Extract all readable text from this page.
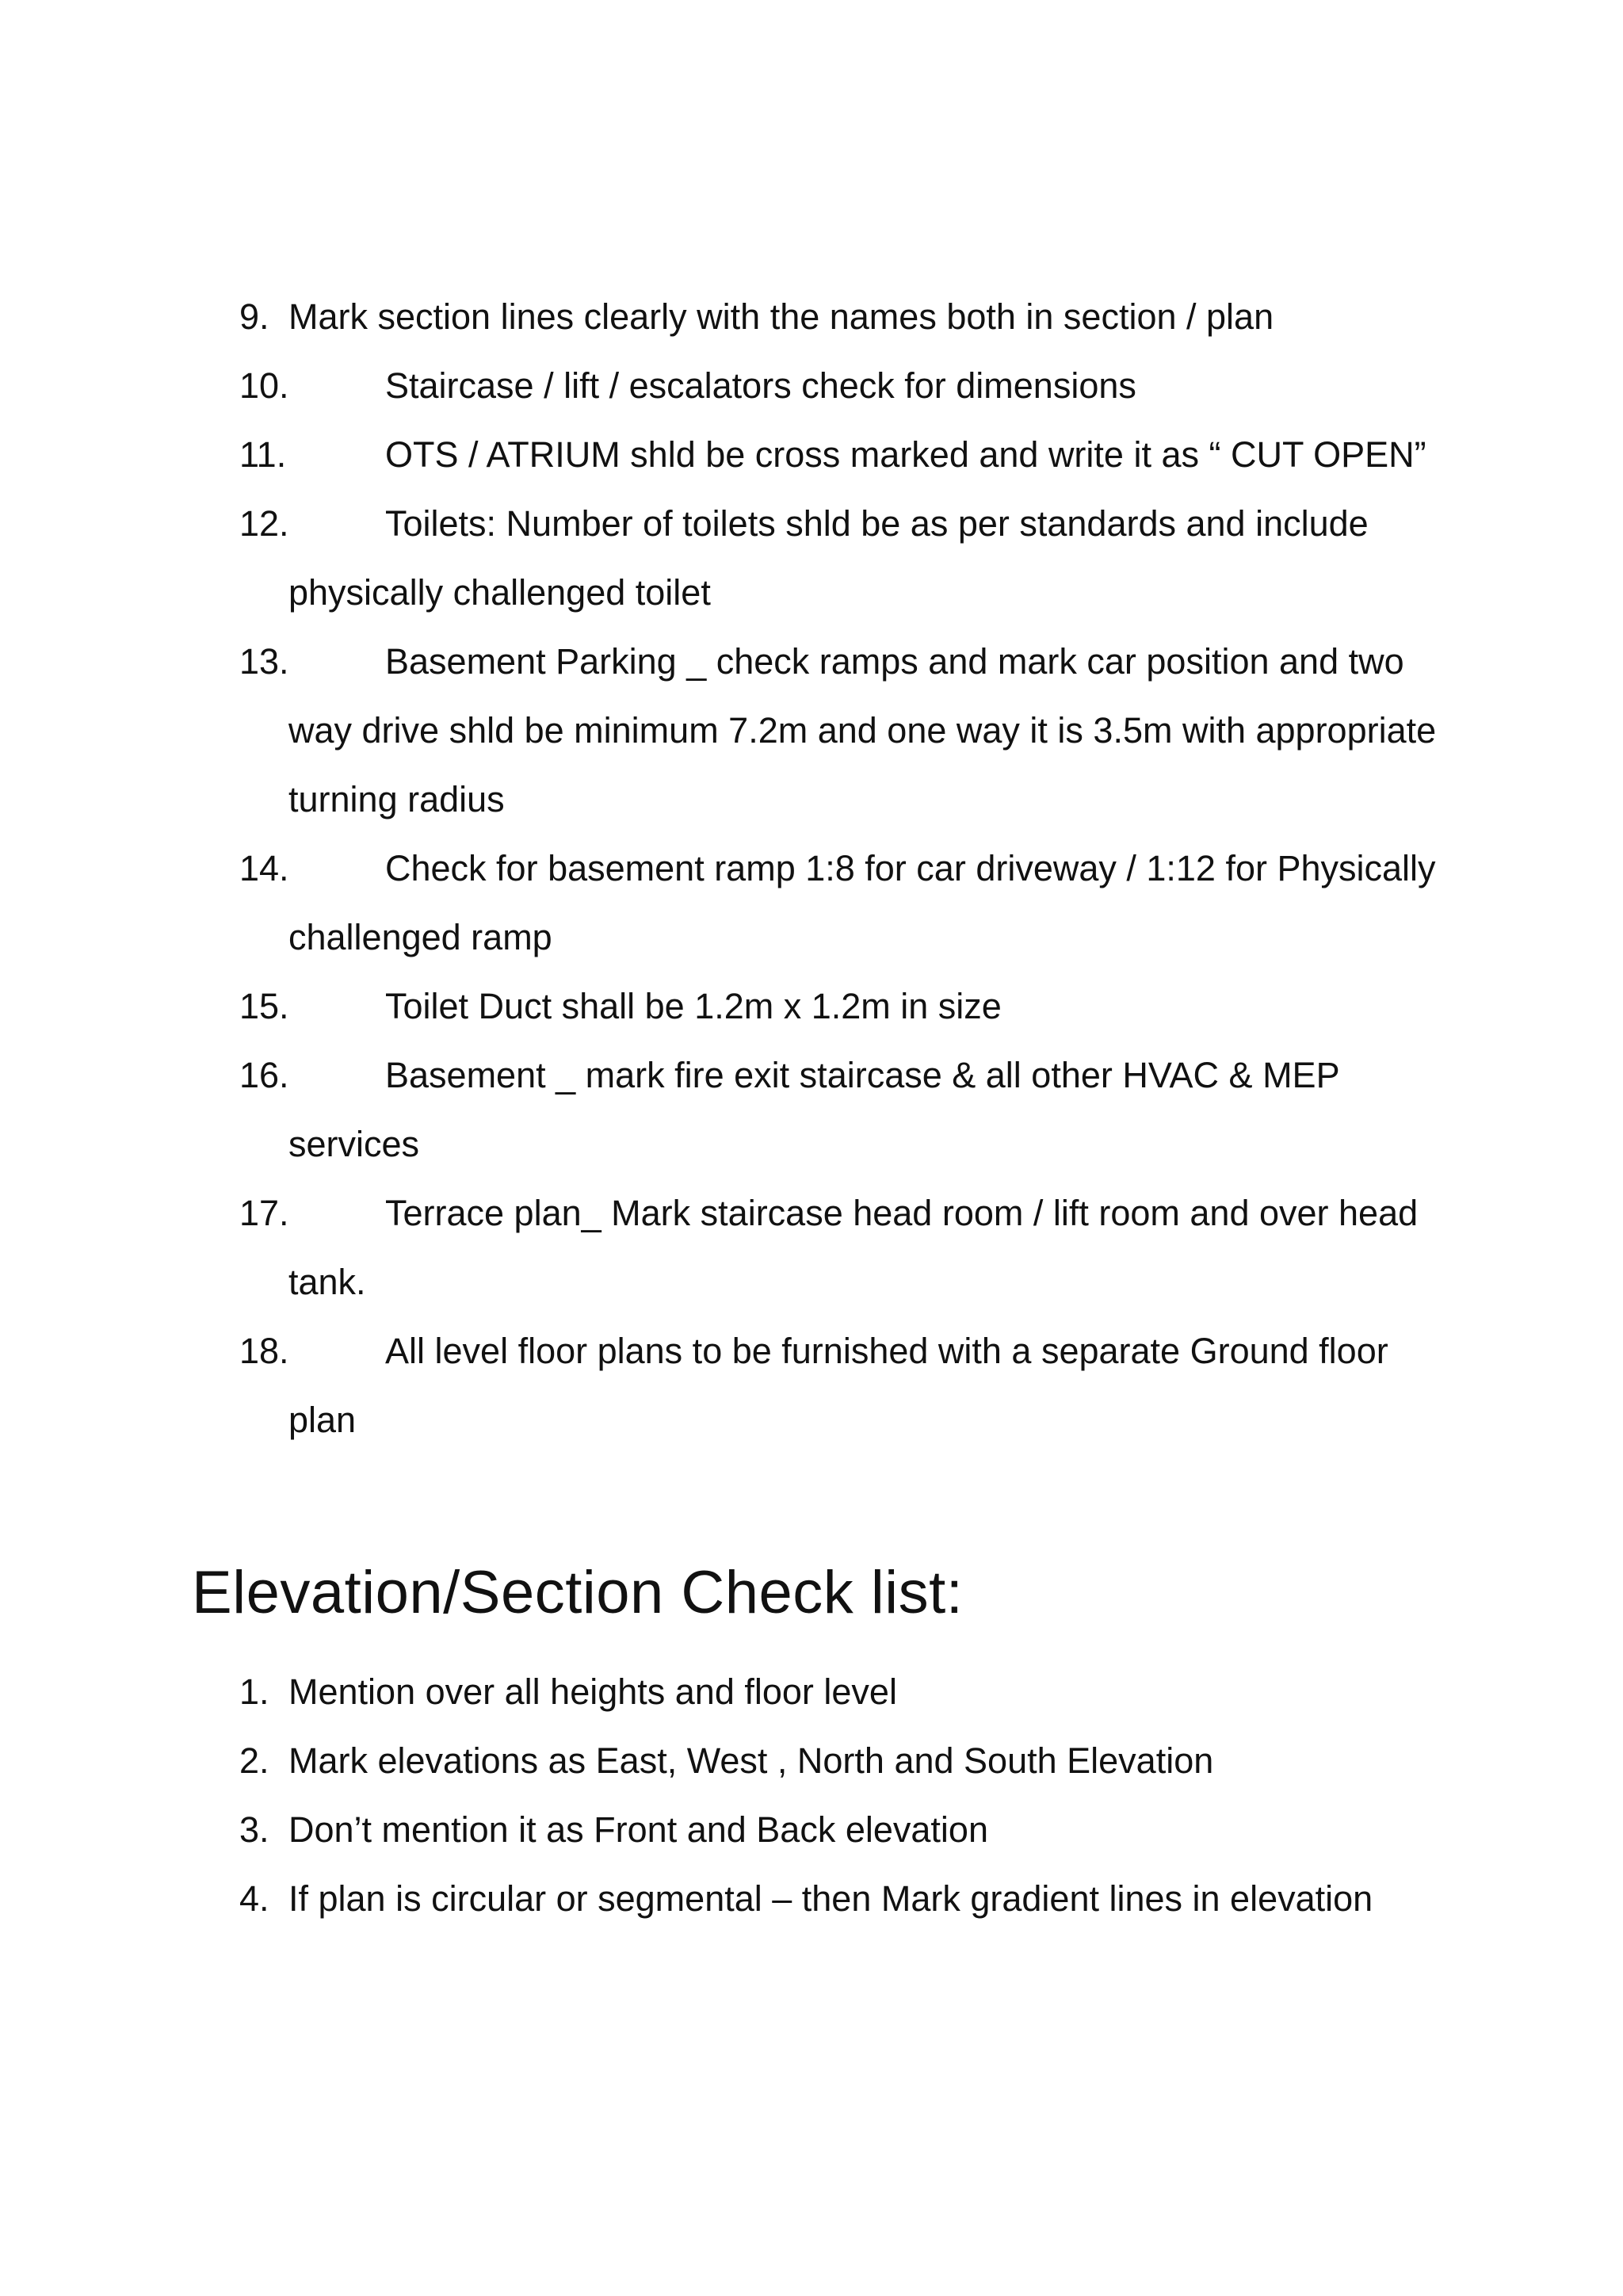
9. Mark section lines clearly with the names both in section / plan
10.	Staircase / lift / escalators check for dimensions
11.	OTS / ATRIUM shld be cross marked and write it as “ CUT OPEN”
12.	Toilets: Number of toilets shld be as per standards and include physically challenged toilet
13.	Basement Parking _ check ramps and mark car position and two way drive shld be minimum 7.2m and one way it is 3.5m with appropriate turning radius
14.	Check for basement ramp 1:8 for car driveway / 1:12 for Physically challenged ramp
15.	Toilet Duct shall be 1.2m x 1.2m in size
16.	Basement _ mark fire exit staircase & all other HVAC & MEP services
17.	Terrace plan_ Mark staircase head room / lift room and over head tank.
18.	All level floor plans to be furnished with a separate Ground floor plan
Elevation/Section Check list:
1. Mention over all heights and floor level
2. Mark elevations as East, West , North and South Elevation
3. Don’t mention it as Front and Back elevation
4. If plan is circular or segmental – then Mark gradient lines in elevation
